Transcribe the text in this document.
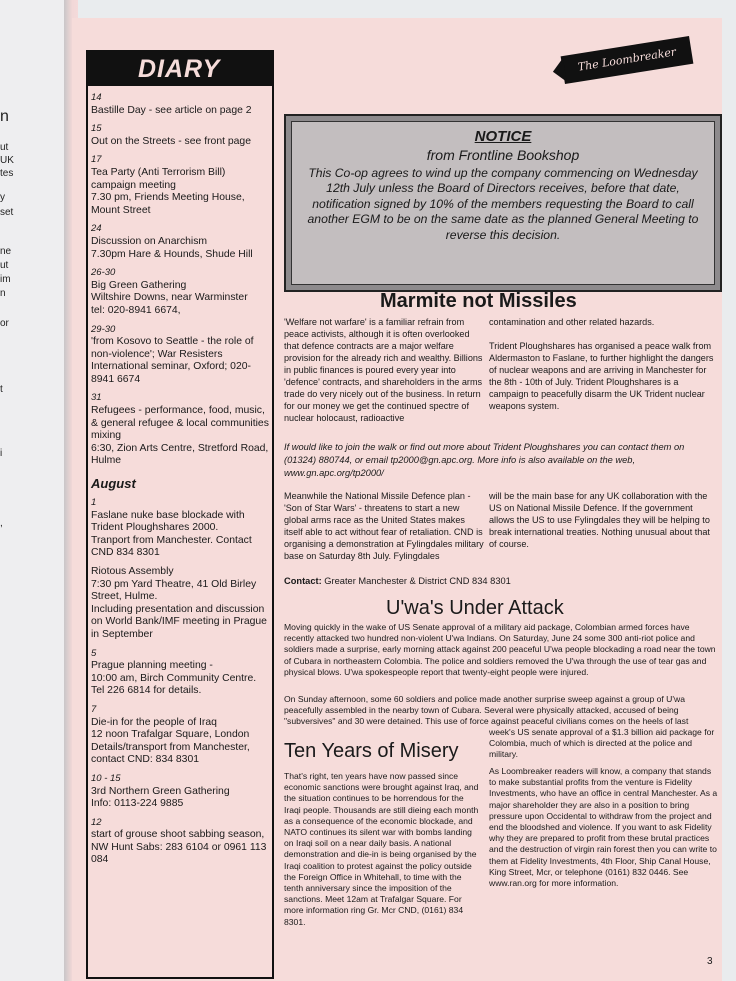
n
ut
UK
tes
y
set
ne
ut
im
n
or
t
,
i
DIARY
14
Bastille Day - see article on page 2
15
Out on the Streets - see front page
17
Tea Party (Anti Terrorism Bill) campaign meeting
7.30 pm, Friends Meeting House, Mount Street
24
Discussion on Anarchism
7.30pm Hare & Hounds, Shude Hill
26-30
Big Green Gathering
Wiltshire Downs, near Warminster
tel: 020-8941 6674,
29-30
'from Kosovo to Seattle - the role of non-violence'; War Resisters International seminar, Oxford; 020-8941 6674
31
Refugees - performance, food, music, & general refugee & local communities mixing
6:30, Zion Arts Centre, Stretford Road, Hulme
August
1
Faslane nuke base blockade with Trident Ploughshares 2000.
Tranport from Manchester. Contact CND 834 8301
Riotous Assembly
7:30 pm Yard Theatre, 41 Old Birley Street, Hulme.
Including presentation and discussion on World Bank/IMF meeting in Prague in September
5
Prague planning meeting -
10:00 am, Birch Community Centre. Tel 226 6814 for details.
7
Die-in for the people of Iraq
12 noon Trafalgar Square, London
Details/transport from Manchester, contact CND: 834 8301
10 - 15
3rd Northern Green Gathering
Info: 0113-224 9885
12
start of grouse shoot sabbing season, NW Hunt Sabs: 283 6104 or 0961 113 084
The Loombreaker
NOTICE
from Frontline Bookshop
This Co-op agrees to wind up the company commencing on Wednesday 12th July unless the Board of Directors receives, before that date, notification signed by 10% of the members requesting the Board to call another EGM to be on the same date as the planned General Meeting to reverse this decision.
Marmite not Missiles
'Welfare not warfare' is a familiar refrain from peace activists, although it is often overlooked that defence contracts are a major welfare provision for the already rich and wealthy. Billions in public finances is poured every year into 'defence' contracts, and shareholders in the arms trade do very nicely out of the business. In return for our money we get the continued spectre of nuclear holocaust, radioactive
contamination and other related hazards.

Trident Ploughshares has organised a peace walk from Aldermaston to Faslane, to further highlight the dangers of nuclear weapons and are arriving in Manchester for the 8th - 10th of July. Trident Ploughshares is a campaign to peacefully disarm the UK Trident nuclear weapons system.
If would like to join the walk or find out more about Trident Ploughshares you can contact them on (01324) 880744, or email tp2000@gn.apc.org. More info is also available on the web, www.gn.apc.org/tp2000/
Meanwhile the National Missile Defence plan - 'Son of Star Wars' - threatens to start a new global arms race as the United States makes itself able to act without fear of retaliation. CND is organising a demonstration at Fylingdales military base on Saturday 8th July. Fylingdales
will be the main base for any UK collaboration with the US on National Missile Defence. If the government allows the US to use Fylingdales they will be helping to break international treaties. Nothing unusual about that of course.
Contact: Greater Manchester & District CND 834 8301
U'wa's Under Attack
Moving quickly in the wake of US Senate approval of a military aid package, Colombian armed forces have recently attacked two hundred non-violent U'wa Indians. On Saturday, June 24 some 300 anti-riot police and soldiers made a surprise, early morning attack against 200 peaceful U'wa people blockading a road near the town of Cubara in northeastern Colombia. The police and soldiers removed the U'wa through the use of tear gas and physical blows. U'wa spokespeople report that twenty-eight people were injured.
On Sunday afternoon, some 60 soldiers and police made another surprise sweep against a group of U'wa peacefully assembled in the nearby town of Cubara. Several were physically attacked, accused of being "subversives" and 30 were detained. This use of force against peaceful civilians comes on the heels of last
week's US senate approval of a $1.3 billion aid package for Colombia, much of which is directed at the police and military.
As Loombreaker readers will know, a company that stands to make substantial profits from the venture is Fidelity Investments, who have an office in central Manchester. As a major shareholder they are also in a position to bring pressure upon Occidental to withdraw from the project and end the bloodshed and violence. If you want to ask Fidelity why they are prepared to profit from these brutal practices and the destruction of virgin rain forest then you can write to them at Fidelity Investments, 4th Floor, Ship Canal House, King Street, Mcr, or telephone (0161) 832 0446. See www.ran.org for more information.
Ten Years of Misery
That's right, ten years have now passed since economic sanctions were brought against Iraq, and the situation continues to be horrendous for the Iraqi people. Thousands are still dieing each month as a consequence of the economic blockade, and NATO continues its silent war with bombs landing on Iraqi soil on a near daily basis. A national demonstration and die-in is being organised by the Iraqi coalition to protest against the policy outside the Foreign Office in Whitehall, to time with the tenth anniversary since the imposition of the sanctions. Meet 12am at Trafalgar Square. For more information ring Gr. Mcr CND, (0161) 834 8301.
3
